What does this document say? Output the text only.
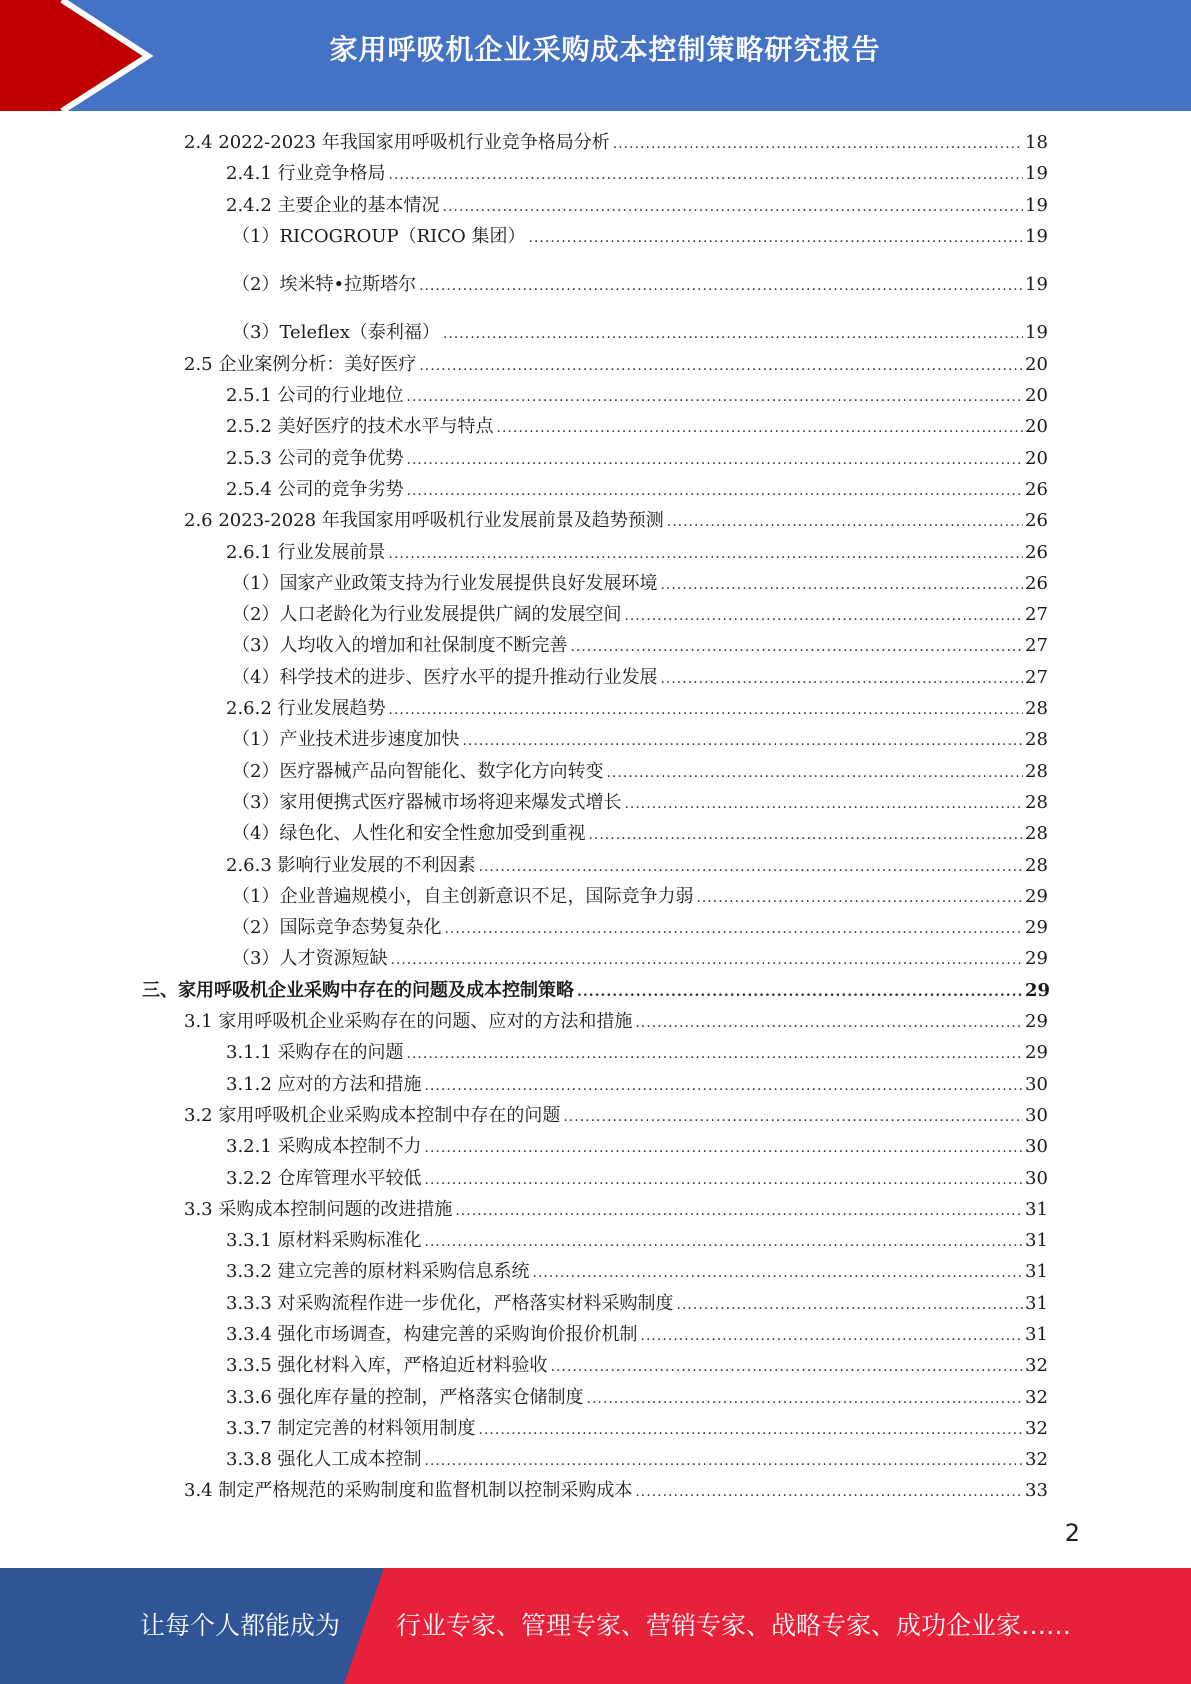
家用呼吸机企业采购成本控制策略研究报告
2.4 2022-2023 年我国家用呼吸机行业竞争格局分析 .....	18
2.4.1 行业竞争格局 .....	19
2.4.2 主要企业的基本情况 .....	19
（1）RICOGROUP（RICO 集团） .....	19
（2）埃米特•拉斯塔尔 .....	19
（3）Teleflex（泰利福） .....	19
2.5 企业案例分析：美好医疗 .....	20
2.5.1 公司的行业地位 .....	20
2.5.2 美好医疗的技术水平与特点 .....	20
2.5.3 公司的竞争优势 .....	20
2.5.4 公司的竞争劣势 .....	26
2.6 2023-2028 年我国家用呼吸机行业发展前景及趋势预测 .....	26
2.6.1 行业发展前景 .....	26
（1）国家产业政策支持为行业发展提供良好发展环境 .....	26
（2）人口老龄化为行业发展提供广阔的发展空间 .....	27
（3）人均收入的增加和社保制度不断完善 .....	27
（4）科学技术的进步、医疗水平的提升推动行业发展 .....	27
2.6.2 行业发展趋势 .....	28
（1）产业技术进步速度加快 .....	28
（2）医疗器械产品向智能化、数字化方向转变 .....	28
（3）家用便携式医疗器械市场将迎来爆发式增长 .....	28
（4）绿色化、人性化和安全性愈加受到重视 .....	28
2.6.3 影响行业发展的不利因素 .....	28
（1）企业普遍规模小，自主创新意识不足，国际竞争力弱 .....	29
（2）国际竞争态势复杂化 .....	29
（3）人才资源短缺 .....	29
三、家用呼吸机企业采购中存在的问题及成本控制策略 .....	29
3.1 家用呼吸机企业采购存在的问题、应对的方法和措施 .....	29
3.1.1 采购存在的问题 .....	29
3.1.2 应对的方法和措施 .....	30
3.2 家用呼吸机企业采购成本控制中存在的问题 .....	30
3.2.1 采购成本控制不力 .....	30
3.2.2 仓库管理水平较低 .....	30
3.3 采购成本控制问题的改进措施 .....	31
3.3.1 原材料采购标准化 .....	31
3.3.2 建立完善的原材料采购信息系统 .....	31
3.3.3 对采购流程作进一步优化，严格落实材料采购制度 .....	31
3.3.4 强化市场调查，构建完善的采购询价报价机制 .....	31
3.3.5 强化材料入库，严格迫近材料验收 .....	32
3.3.6 强化库存量的控制，严格落实仓储制度 .....	32
3.3.7 制定完善的材料领用制度 .....	32
3.3.8 强化人工成本控制 .....	32
3.4 制定严格规范的采购制度和监督机制以控制采购成本 .....	33
2
让每个人都能成为 行业专家、管理专家、营销专家、战略专家、成功企业家……
